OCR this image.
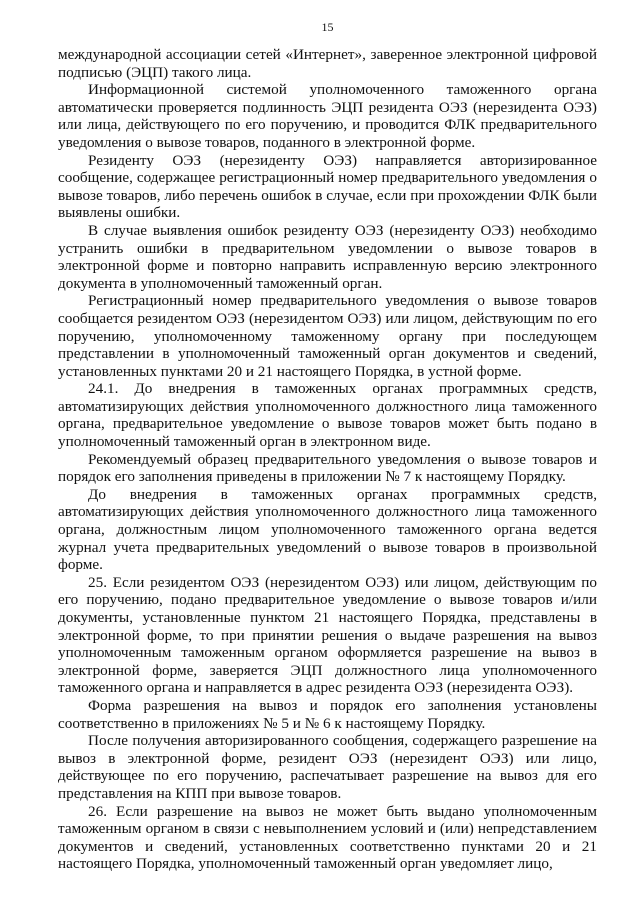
15

международной ассоциации сетей «Интернет», заверенное электронной цифровой подписью (ЭЦП) такого лица.

Информационной системой уполномоченного таможенного органа автоматически проверяется подлинность ЭЦП резидента ОЭЗ (нерезидента ОЭЗ) или лица, действующего по его поручению, и проводится ФЛК предварительного уведомления о вывозе товаров, поданного в электронной форме.

Резиденту ОЭЗ (нерезиденту ОЭЗ) направляется авторизированное сообщение, содержащее регистрационный номер предварительного уведомления о вывозе товаров, либо перечень ошибок в случае, если при прохождении ФЛК были выявлены ошибки.

В случае выявления ошибок резиденту ОЭЗ (нерезиденту ОЭЗ) необходимо устранить ошибки в предварительном уведомлении о вывозе товаров в электронной форме и повторно направить исправленную версию электронного документа в уполномоченный таможенный орган.

Регистрационный номер предварительного уведомления о вывозе товаров сообщается резидентом ОЭЗ (нерезидентом ОЭЗ) или лицом, действующим по его поручению, уполномоченному таможенному органу при последующем представлении в уполномоченный таможенный орган документов и сведений, установленных пунктами 20 и 21 настоящего Порядка, в устной форме.

24.1. До внедрения в таможенных органах программных средств, автоматизирующих действия уполномоченного должностного лица таможенного органа, предварительное уведомление о вывозе товаров может быть подано в уполномоченный таможенный орган в электронном виде.

Рекомендуемый образец предварительного уведомления о вывозе товаров и порядок его заполнения приведены в приложении № 7 к настоящему Порядку.

До внедрения в таможенных органах программных средств, автоматизирующих действия уполномоченного должностного лица таможенного органа, должностным лицом уполномоченного таможенного органа ведется журнал учета предварительных уведомлений о вывозе товаров в произвольной форме.

25. Если резидентом ОЭЗ (нерезидентом ОЭЗ) или лицом, действующим по его поручению, подано предварительное уведомление о вывозе товаров и/или документы, установленные пунктом 21 настоящего Порядка, представлены в электронной форме, то при принятии решения о выдаче разрешения на вывоз уполномоченным таможенным органом оформляется разрешение на вывоз в электронной форме, заверяется ЭЦП должностного лица уполномоченного таможенного органа и направляется в адрес резидента ОЭЗ (нерезидента ОЭЗ).

Форма разрешения на вывоз и порядок его заполнения установлены соответственно в приложениях № 5 и № 6 к настоящему Порядку.

После получения авторизированного сообщения, содержащего разрешение на вывоз в электронной форме, резидент ОЭЗ (нерезидент ОЭЗ) или лицо, действующее по его поручению, распечатывает разрешение на вывоз для его представления на КПП при вывозе товаров.

26. Если разрешение на вывоз не может быть выдано уполномоченным таможенным органом в связи с невыполнением условий и (или) непредставлением документов и сведений, установленных соответственно пунктами 20 и 21 настоящего Порядка, уполномоченный таможенный орган уведомляет лицо,
